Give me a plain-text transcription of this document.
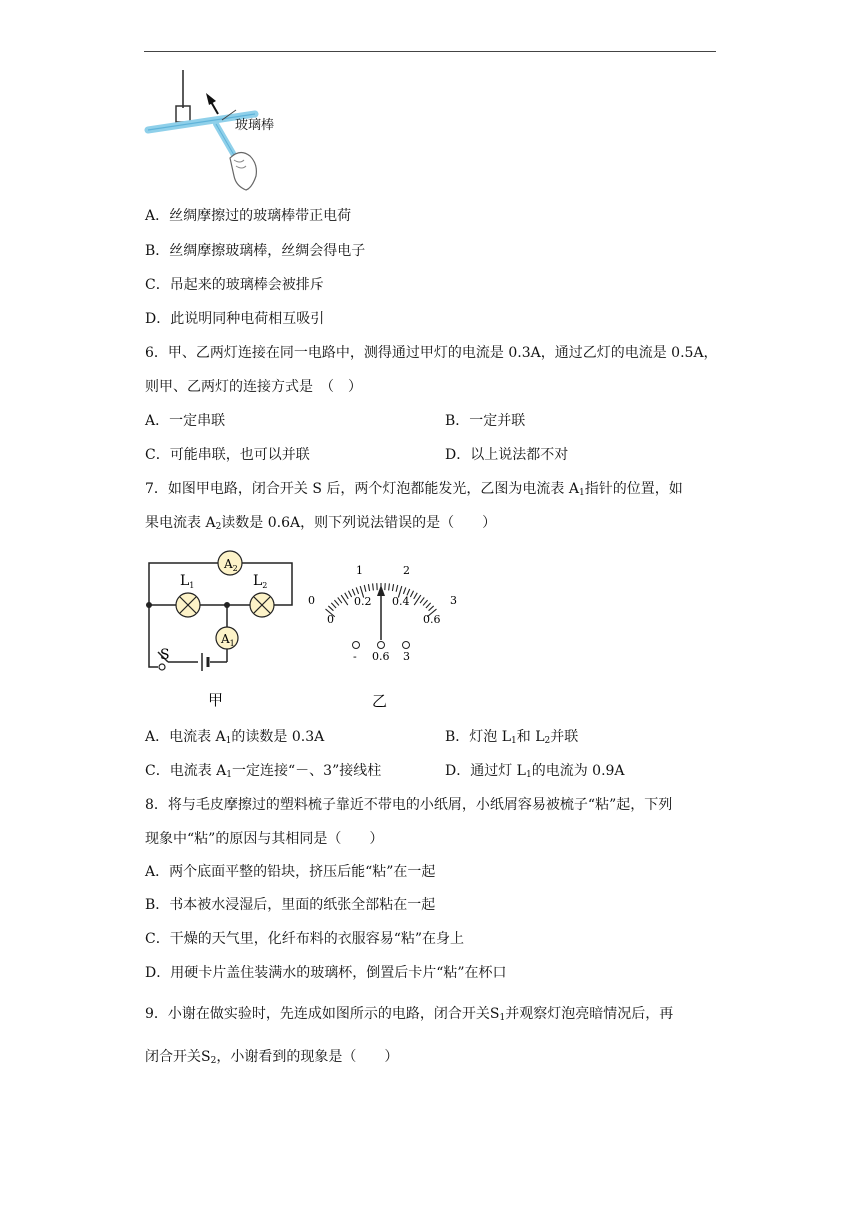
玻璃棒
A．丝绸摩擦过的玻璃棒带正电荷
B．丝绸摩擦玻璃棒，丝绸会得电子
C．吊起来的玻璃棒会被排斥
D．此说明同种电荷相互吸引
6．甲、乙两灯连接在同一电路中，测得通过甲灯的电流是 0.3A，通过乙灯的电流是 0.5A，
则甲、乙两灯的连接方式是　（　）
A．一定串联	B．一定并联
C．可能串联，也可以并联	D．以上说法都不对
7．如图甲电路，闭合开关 S 后，两个灯泡都能发光，乙图为电流表 $A_1$指针的位置，如
果电流表 $A_2$读数是 0.6A，则下列说法错误的是（　　）
$A_2$
$A_1$
$L_1$	$L_2$
S
甲
1	2
0	3
0
0.2 0.4
0.6
- 0.6 3
乙
A．电流表 $A_1$的读数是 0.3A	B．灯泡 $L_1$和 $L_2$并联
C．电流表 $A_1$一定连接“－、3”接线柱	D．通过灯 $L_1$的电流为 0.9A
8．将与毛皮摩擦过的塑料梳子靠近不带电的小纸屑，小纸屑容易被梳子“粘”起，下列
现象中“粘”的原因与其相同是（　　）
A．两个底面平整的铅块，挤压后能“粘”在一起
B．书本被水浸湿后，里面的纸张全部粘在一起
C．干燥的天气里，化纤布料的衣服容易“粘”在身上
D．用硬卡片盖住装满水的玻璃杯，倒置后卡片“粘”在杯口
9．小谢在做实验时，先连成如图所示的电路，闭合开关$S_1$并观察灯泡亮暗情况后，再
闭合开关$S_2$，小谢看到的现象是（　　）
